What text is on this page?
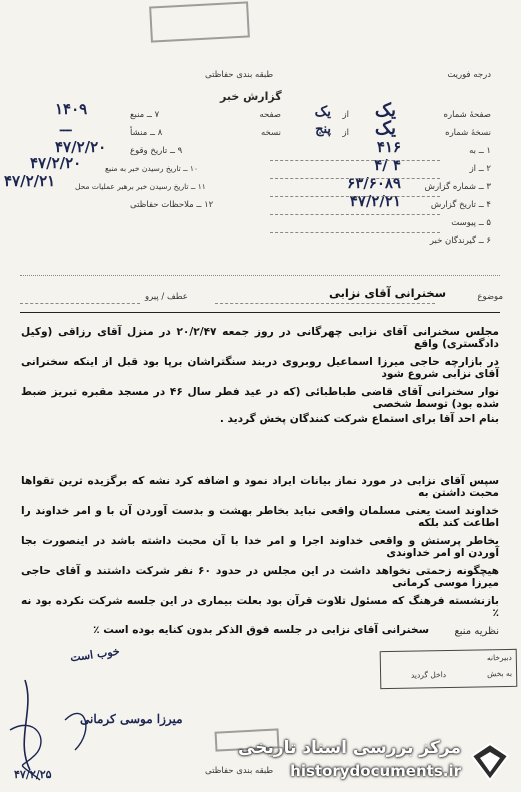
درجه فوریت
طبقه بندی حفاظتی
گزارش خبر
صفحهٔ شماره
یک
از
یک
صفحه
نسخهٔ شماره
یک
از
پنج
نسخه
۱ ــ به
۴۱۶
۲ ــ از
۴/ ۴
۳ ــ شماره گزارش
۶۳/۶۰۸۹
۴ ــ تاریخ گزارش
۴۷/۲/۲۱
۵ ــ پیوست
۶ ــ گیرندگان خبر
۷ ــ منبع
۱۴۰۹
۸ ــ منشأ
ـــ
۹ ــ تاریخ وقوع
۴۷/۲/۲۰
۱۰ ــ تاریخ رسیدن خبر به منبع
۴۷/۲/۲۰
۱۱ ــ تاریخ رسیدن خبر برهبر عملیات محل
۴۷/۲/۲۱
۱۲ ــ ملاحظات حفاظتی
موضوع
سخنرانی آقای نزابی
عطف / پیرو
مجلس سخنرانی آقای نزابی چهرگانی در روز جمعه ۲۰/۲/۴۷ در منزل آقای رزاقی (وکیل دادگستری) واقع
در بازارچه حاجی میرزا اسماعیل روبروی دربند سنگتراشان برپا بود قبل از اینکه سخنرانی آقای نزابی شروع شود
نوار سخنرانی آقای قاضی طباطبائی (که در عید فطر سال ۴۶ در مسجد مقبره تبریز ضبط شده بود) توسط شخصی
بنام احد آقا برای استماع شرکت کنندگان پخش گردید .
سپس آقای نزابی در مورد نماز بیانات ایراد نمود و اضافه کرد نشه که برگزیده ترین تقواها محبت داشتن به
خداوند است یعنی مسلمان واقعی نباید بخاطر بهشت و بدست آوردن آن با و امر خداوند را اطاعت کند بلکه
بخاطر پرستش و واقعی خداوند اجرا و امر خدا با آن محبت داشته باشد در اینصورت بجا آوردن او امر خداوندی
هیچگونه زحمتی نخواهد داشت در این مجلس در حدود ۶۰ نفر شرکت داشتند و آقای حاجی میرزا موسی کرمانی
بازنشسته فرهنگ که مسئول تلاوت قرآن بود بعلت بیماری در این جلسه شرکت نکرده بود نه ٪
نظریه منبع
سخنرانی آقای نزابی در جلسه فوق الذکر بدون کنایه بوده است ٪
دبیرخانه
به بخش
داخل گردید
خوب است
میرزا موسی کرمانی
۴۷/۲/۲۵	طبقه بندی حفاظتی
مرکز بررسی اسناد تاریخی
historydocuments.ir
